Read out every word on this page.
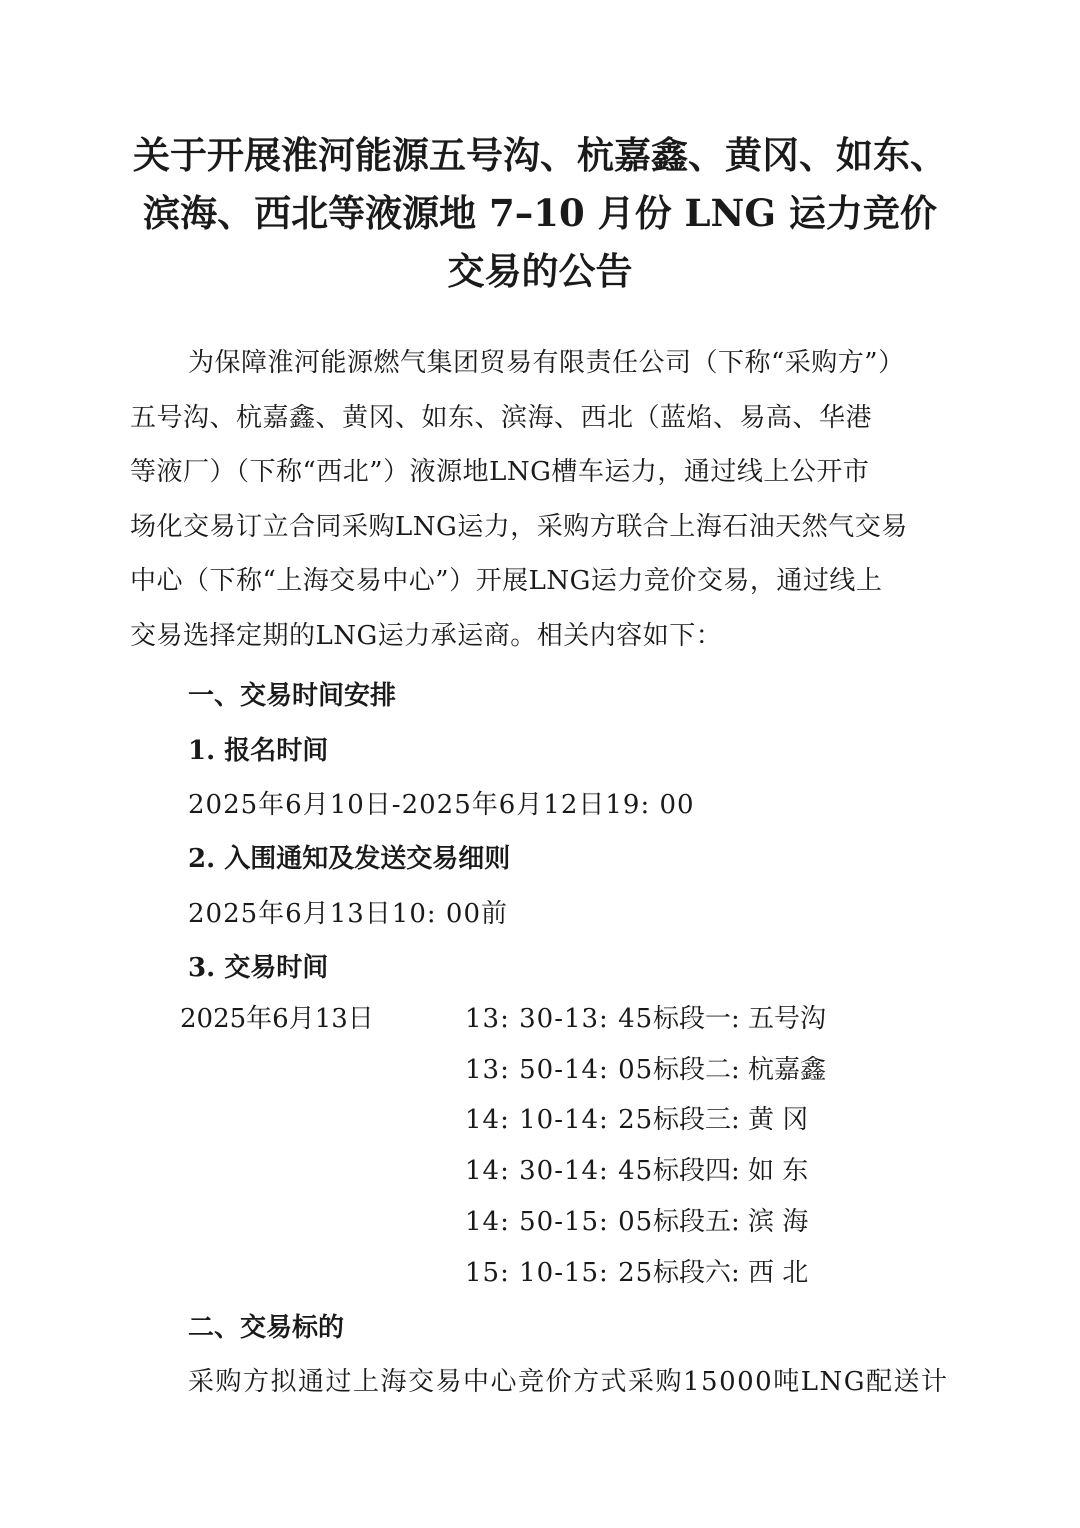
关于开展淮河能源五号沟、杭嘉鑫、黄冈、如东、
滨海、西北等液源地 7–10 月份 LNG 运力竞价
交易的公告
为保障淮河能源燃气集团贸易有限责任公司（下称“采购方”）
五号沟、杭嘉鑫、黄冈、如东、滨海、西北（蓝焰、易高、华港
等液厂）（下称“西北”）液源地LNG槽车运力，通过线上公开市
场化交易订立合同采购LNG运力，采购方联合上海石油天然气交易
中心（下称“上海交易中心”）开展LNG运力竞价交易，通过线上
交易选择定期的LNG运力承运商。相关内容如下：
一、交易时间安排
1. 报名时间
2025年6月10日-2025年6月12日19: 00
2. 入围通知及发送交易细则
2025年6月13日10: 00前
3. 交易时间
2025年6月13日	13: 30-13: 45标段一: 五号沟
13: 50-14: 05标段二: 杭嘉鑫
14: 10-14: 25标段三: 黄 冈
14: 30-14: 45标段四: 如 东
14: 50-15: 05标段五: 滨 海
15: 10-15: 25标段六: 西 北
二、交易标的
采购方拟通过上海交易中心竞价方式采购15000吨LNG配送计
